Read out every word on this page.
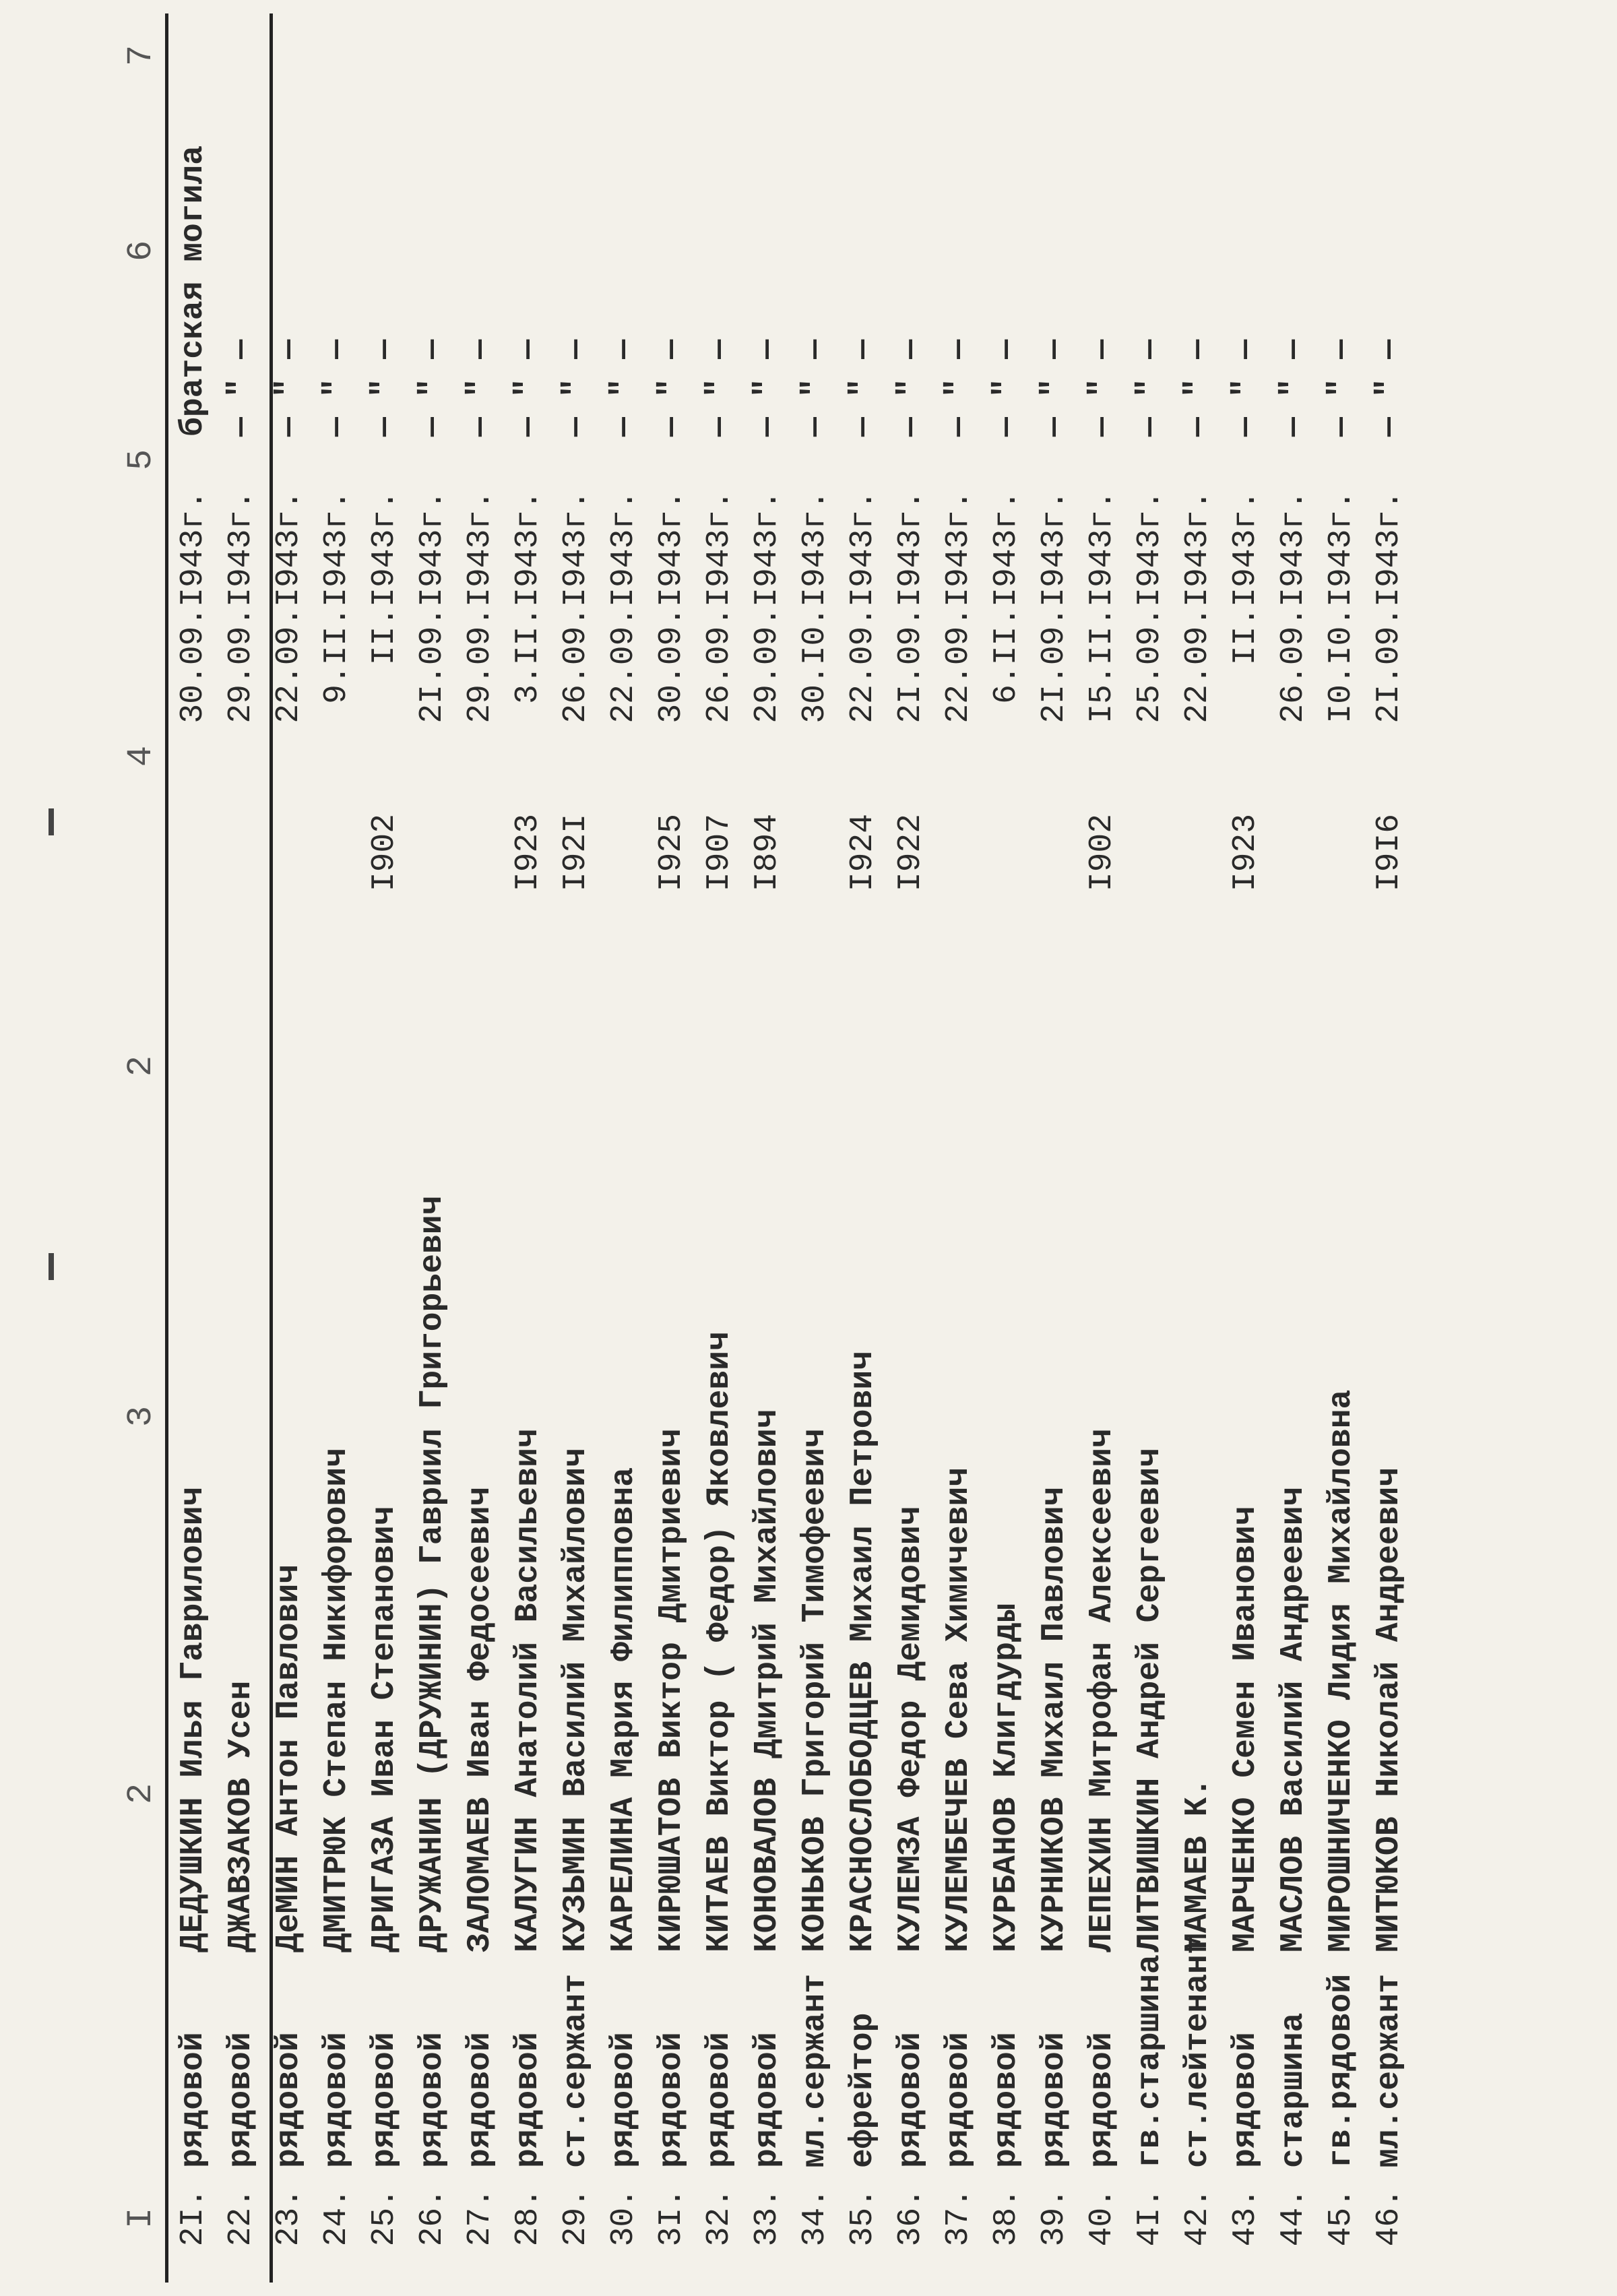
I
2
3
2
4
5
6
7
2I.
рядовой
ДЕДУШКИН Илья Гаврилович
30.09.I943г.
братская могила
22.
рядовой
ДЖАВЗАКОВ Усен
29.09.I943г.
— " —
23.
рядовой
ДеМИН Антон Павлович
22.09.I943г.
— " —
24.
рядовой
ДМИТРЮК Степан Никифорович
9.II.I943г.
— " —
25.
рядовой
ДРИГАЗА Иван Степанович
I902
II.I943г.
— " —
26.
рядовой
ДРУЖАНИН (ДРУЖИНИН) Гавриил Григорьевич
2I.09.I943г.
— " —
27.
рядовой
ЗАЛОМАЕВ Иван Федосеевич
29.09.I943г.
— " —
28.
рядовой
КАЛУГИН Анатолий Васильевич
I923
3.II.I943г.
— " —
29.
ст.сержант
КУЗЬМИН Василий Михайлович
I92I
26.09.I943г.
— " —
30.
рядовой
КАРЕЛИНА Мария Филипповна
22.09.I943г.
— " —
3I.
рядовой
КИРЮШАТОВ Виктор Дмитриевич
I925
30.09.I943г.
— " —
32.
рядовой
КИТАЕВ Виктор ( Федор) Яковлевич
I907
26.09.I943г.
— " —
33.
рядовой
КОНОВАЛОВ Дмитрий Михайлович
I894
29.09.I943г.
— " —
34.
мл.сержант
КОНЬКОВ Григорий Тимофеевич
30.I0.I943г.
— " —
35.
ефрейтор
КРАСНОСЛОБОДЦЕВ Михаил Петрович
I924
22.09.I943г.
— " —
36.
рядовой
КУЛЕМЗА Федор Демидович
I922
2I.09.I943г.
— " —
37.
рядовой
КУЛЕМБЕЧЕВ Сева Химичевич
22.09.I943г.
— " —
38.
рядовой
КУРБАНОВ Клигдурды
6.II.I943г.
— " —
39.
рядовой
КУРНИКОВ Михаил Павлович
2I.09.I943г.
— " —
40.
рядовой
ЛЕПЕХИН Митрофан Алексеевич
I902
I5.II.I943г.
— " —
4I.
гв.старшина
ЛИТВИШКИН Андрей Сергеевич
25.09.I943г.
— " —
42.
ст.лейтенант
МАМАЕВ К.
22.09.I943г.
— " —
43.
рядовой
МАРЧЕНКО Семен Иванович
I923
II.I943г.
— " —
44.
старшина
МАСЛОВ Василий Андреевич
26.09.I943г.
— " —
45.
гв.рядовой
МИРОШНИЧЕНКО Лидия Михайловна
I0.I0.I943г.
— " —
46.
мл.сержант
МИТЮКОВ Николай Андреевич
I9I6
2I.09.I943г.
— " —
